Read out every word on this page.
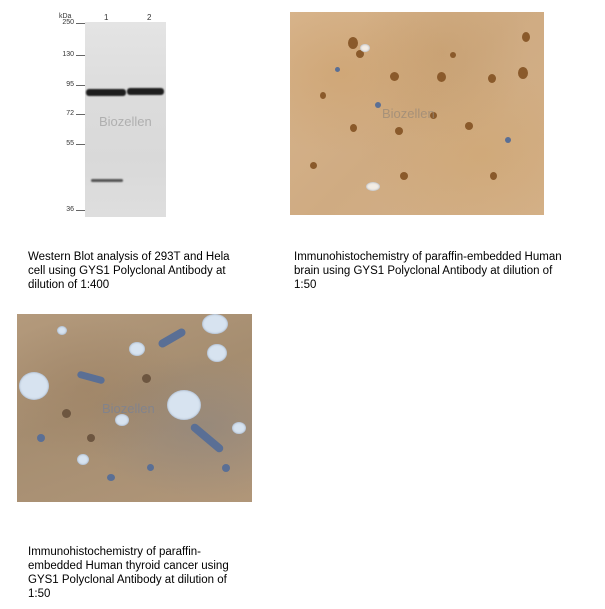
kDa	1	2
250
130
95
72
55
36
Biozellen
Biozellen
Biozellen
Western Blot analysis of 293T and Hela cell using GYS1 Polyclonal Antibody at dilution of 1:400
Immunohistochemistry of paraffin-embedded Human brain using GYS1 Polyclonal Antibody at dilution of 1:50
Immunohistochemistry of paraffin-embedded Human thyroid cancer using GYS1 Polyclonal Antibody at dilution of 1:50
